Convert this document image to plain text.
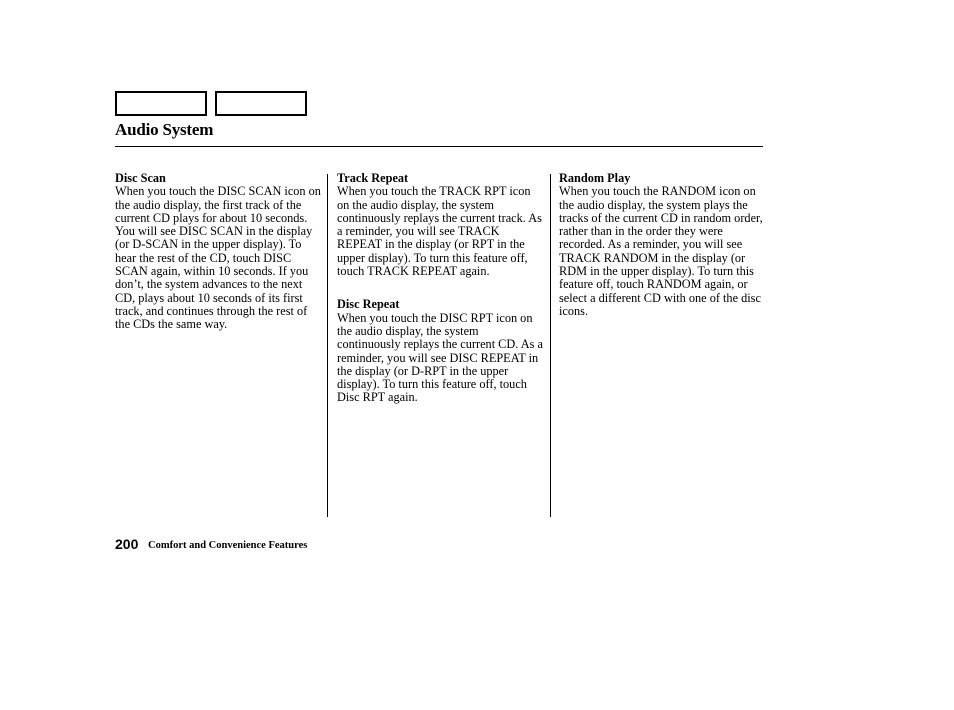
Audio System
Disc Scan
When you touch the DISC SCAN icon on the audio display, the first track of the current CD plays for about 10 seconds. You will see DISC SCAN in the display (or D-SCAN in the upper display). To hear the rest of the CD, touch DISC SCAN again, within 10 seconds. If you don’t, the system advances to the next CD, plays about 10 seconds of its first track, and continues through the rest of the CDs the same way.
Track Repeat
When you touch the TRACK RPT icon on the audio display, the system continuously replays the current track. As a reminder, you will see TRACK REPEAT in the display (or RPT in the upper display). To turn this feature off, touch TRACK REPEAT again.
Disc Repeat
When you touch the DISC RPT icon on the audio display, the system continuously replays the current CD. As a reminder, you will see DISC REPEAT in the display (or D-RPT in the upper display). To turn this feature off, touch Disc RPT again.
Random Play
When you touch the RANDOM icon on the audio display, the system plays the tracks of the current CD in random order, rather than in the order they were recorded. As a reminder, you will see TRACK RANDOM in the display (or RDM in the upper display). To turn this feature off, touch RANDOM again, or select a different CD with one of the disc icons.
200 Comfort and Convenience Features
